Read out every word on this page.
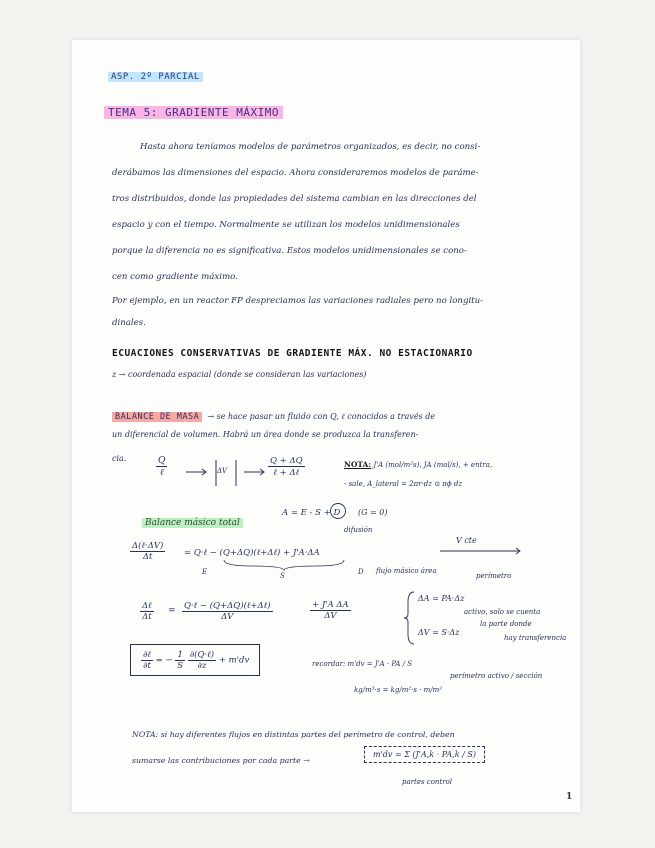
ASP. 2º PARCIAL
TEMA 5: GRADIENTE MÁXIMO
Hasta ahora teníamos modelos de parámetros organizados, es decir, no consi-
derábamos las dimensiones del espacio. Ahora consideraremos modelos de paráme-
tros distribuidos, donde las propiedades del sistema cambian en las direcciones del
espacio y con el tiempo. Normalmente se utilizan los modelos unidimensionales
porque la diferencia no es significativa. Estos modelos unidimensionales se cono-
cen como gradiente máximo.
Por ejemplo, en un reactor FP despreciamos las variaciones radiales pero no longitu-
dinales.
ECUACIONES CONSERVATIVAS DE GRADIENTE MÁX. NO ESTACIONARIO
z → coordenada espacial (donde se consideran las variaciones)
BALANCE DE MASA → se hace pasar un fluido con Q, ℓ conocidos a través de
un diferencial de volumen. Habrá un área donde se produzca la transferen-
cia.	$\frac{Q}{\text{ℓ}}$	ΔV	$\frac{Q + \Delta Q}{\text{ℓ + Δℓ}}$	NOTA: J'A (mol/m²s), JA (mol/s), + entra,
- sale, A_lateral = 2πr·dz ⊙ πϕ dz
Balance másico total
A = E - S + D (G = 0)
difusión
$\frac{\text{Δ(ℓ·ΔV)}}{\Delta t}$ = Q·ℓ − (Q+ΔQ)(ℓ+Δℓ) + J'A·ΔA
E	S	D flujo másico área
V cte
$\frac{\text{Δℓ}}{\Delta t} = \frac{\text{Q·ℓ − (Q+ΔQ)(ℓ+Δℓ)}}{\Delta V}$	$\frac{\text{+ J'A ΔA}}{\Delta V}$
perímetro
ΔA = PA·Δz
activo, solo se cuenta
la parte donde
hay transferencia
ΔV = S·Δz
$\frac{\text{∂ℓ}}{\partial t}$ = − $\frac{1}{S}$
$\frac{\text{∂(Q·ℓ)}}{\partial z} + m'dv$	recordar: m'dv = J'A · PA / S
perímetro activo / sección
kg/m³·s = kg/m²·s · m/m²
NOTA: si hay diferentes flujos en distintas partes del perímetro de control, deben
sumarse las contribuciones por cada parte →
m'dv = Σ (J'A,k · PA,k / S)
partes control
1
